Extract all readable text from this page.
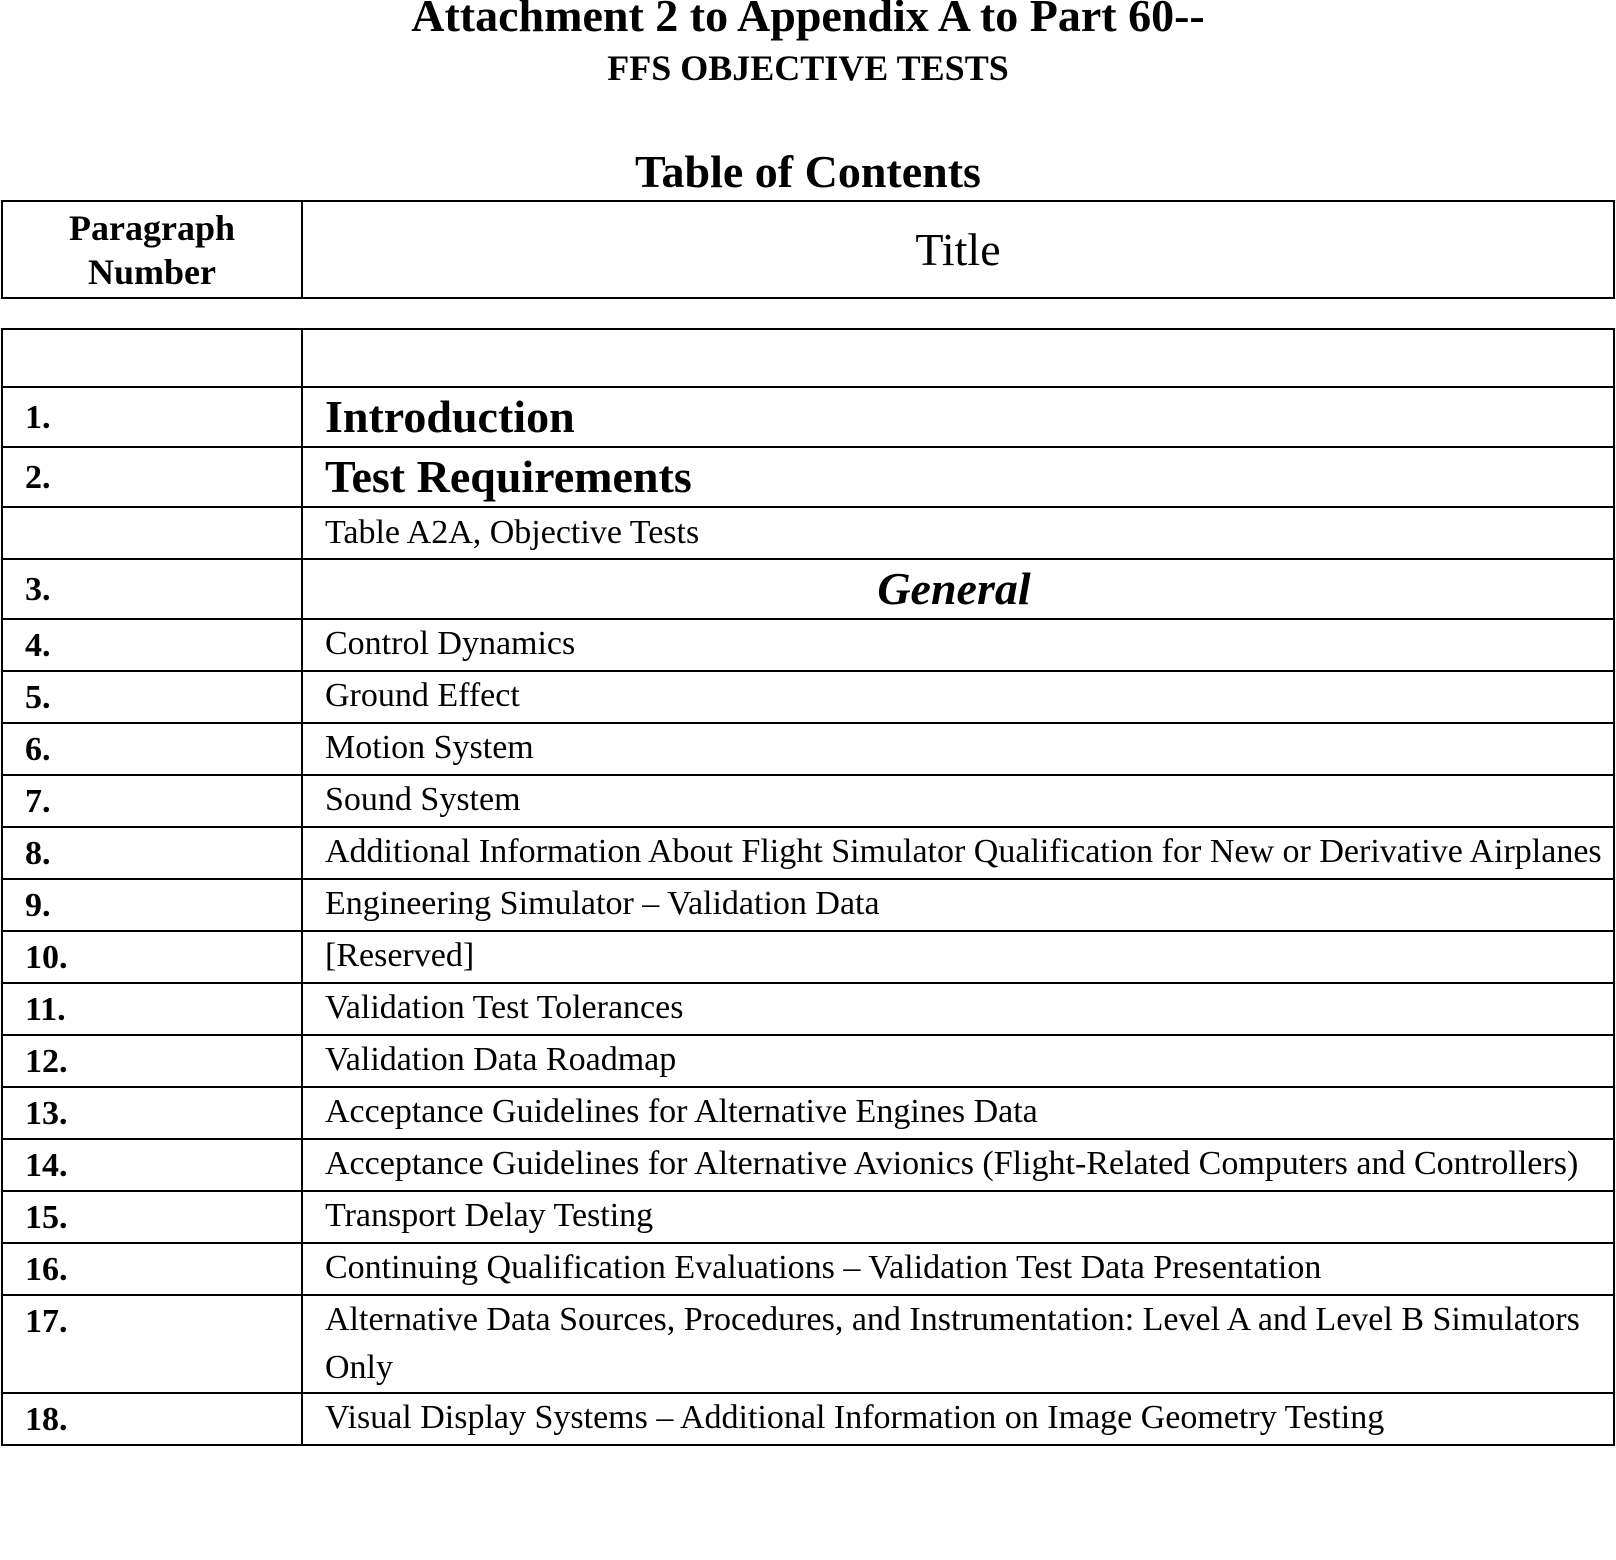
Attachment 2 to Appendix A to Part 60--
FFS OBJECTIVE TESTS
Table of Contents
Paragraph Number	Title

1.	Introduction
2.	Test Requirements
	Table A2A, Objective Tests
3.	General
4.	Control Dynamics
5.	Ground Effect
6.	Motion System
7.	Sound System
8.	Additional Information About Flight Simulator Qualification for New or Derivative Airplanes
9.	Engineering Simulator – Validation Data
10.	[Reserved]
11.	Validation Test Tolerances
12.	Validation Data Roadmap
13.	Acceptance Guidelines for Alternative Engines Data
14.	Acceptance Guidelines for Alternative Avionics (Flight-Related Computers and Controllers)
15.	Transport Delay Testing
16.	Continuing Qualification Evaluations – Validation Test Data Presentation
17.	Alternative Data Sources, Procedures, and Instrumentation: Level A and Level B Simulators Only
18.	Visual Display Systems – Additional Information on Image Geometry Testing
